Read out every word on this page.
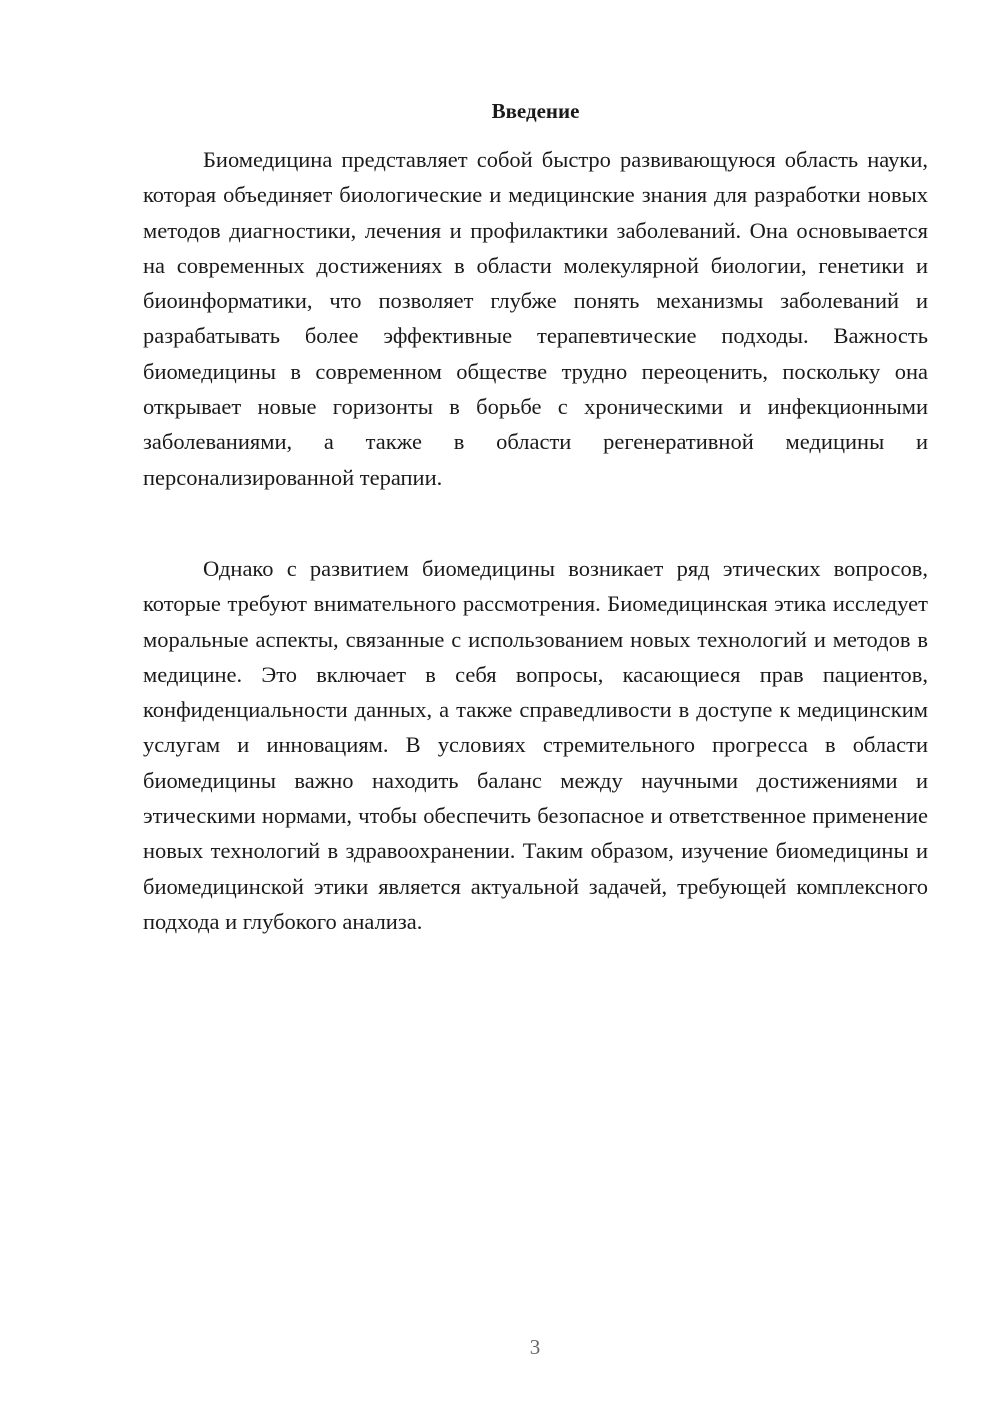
Введение

Биомедицина представляет собой быстро развивающуюся область науки, которая объединяет биологические и медицинские знания для разработки новых методов диагностики, лечения и профилактики заболеваний. Она основывается на современных достижениях в области молекулярной биологии, генетики и биоинформатики, что позволяет глубже понять механизмы заболеваний и разрабатывать более эффективные терапевтические подходы. Важность биомедицины в современном обществе трудно переоценить, поскольку она открывает новые горизонты в борьбе с хроническими и инфекционными заболеваниями, а также в области регенеративной медицины и персонализированной терапии.

Однако с развитием биомедицины возникает ряд этических вопросов, которые требуют внимательного рассмотрения. Биомедицинская этика исследует моральные аспекты, связанные с использованием новых технологий и методов в медицине. Это включает в себя вопросы, касающиеся прав пациентов, конфиденциальности данных, а также справедливости в доступе к медицинским услугам и инновациям. В условиях стремительного прогресса в области биомедицины важно находить баланс между научными достижениями и этическими нормами, чтобы обеспечить безопасное и ответственное применение новых технологий в здравоохранении. Таким образом, изучение биомедицины и биомедицинской этики является актуальной задачей, требующей комплексного подхода и глубокого анализа.

3
